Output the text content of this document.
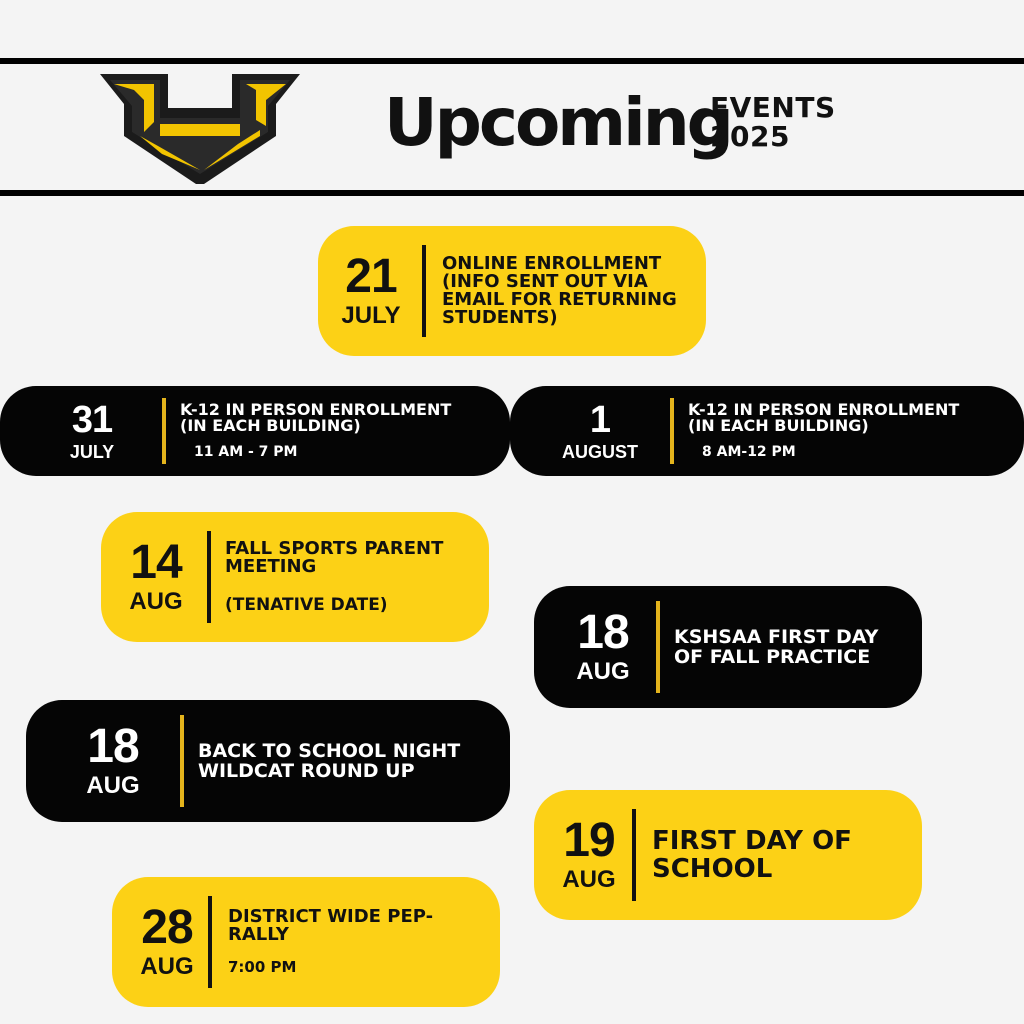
Upcoming
EVENTS
2025
21
JULY
ONLINE ENROLLMENT (INFO SENT OUT VIA EMAIL FOR RETURNING STUDENTS)
31
JULY
K-12 IN PERSON ENROLLMENT (IN EACH BUILDING)
11 AM - 7 PM
1
AUGUST
K-12 IN PERSON ENROLLMENT (IN EACH BUILDING)
8 AM-12 PM
14
AUG
FALL SPORTS PARENT MEETING
(TENATIVE DATE)
18
AUG
KSHSAA FIRST DAY OF FALL PRACTICE
18
AUG
BACK TO SCHOOL NIGHT WILDCAT ROUND UP
19
AUG
FIRST DAY OF SCHOOL
28
AUG
DISTRICT WIDE PEP-RALLY
7:00 PM
